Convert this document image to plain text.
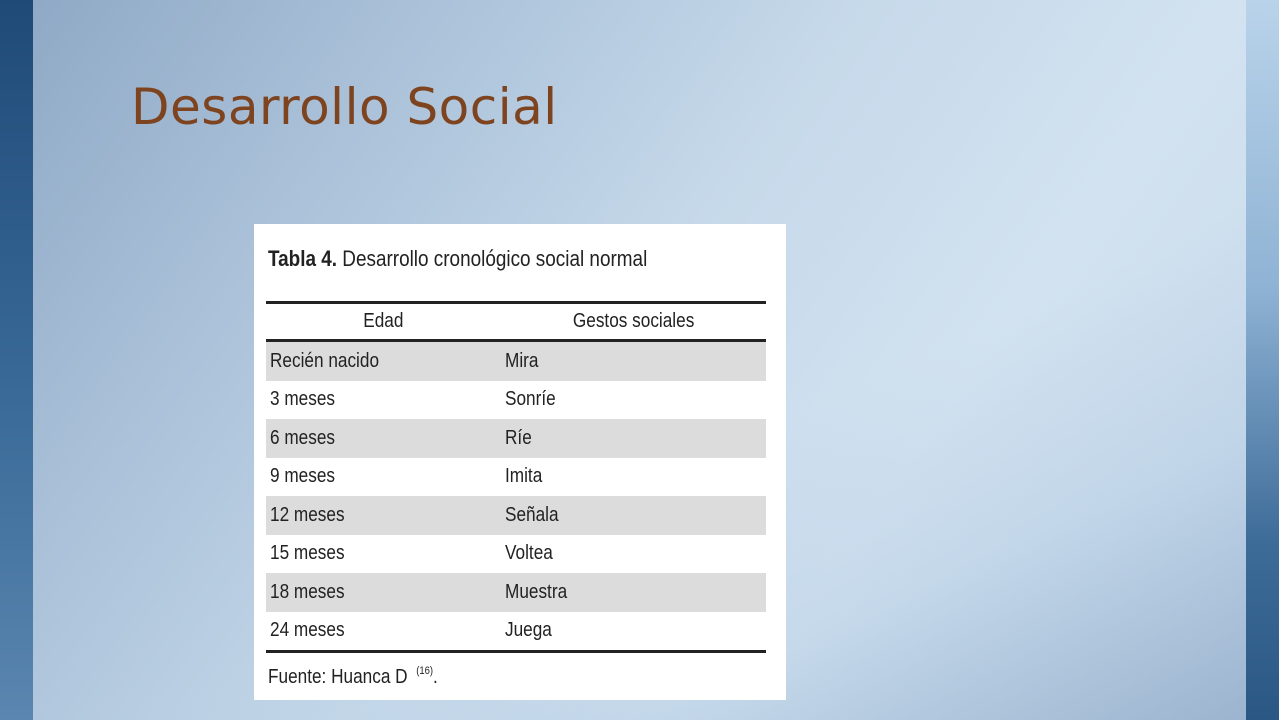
Desarrollo Social
Tabla 4. Desarrollo cronológico social normal
Edad	Gestos sociales
Recién nacido	Mira
3 meses	Sonríe
6 meses	Ríe
9 meses	Imita
12 meses	Señala
15 meses	Voltea
18 meses	Muestra
24 meses	Juega
Fuente: Huanca D $^{(16)}$.
